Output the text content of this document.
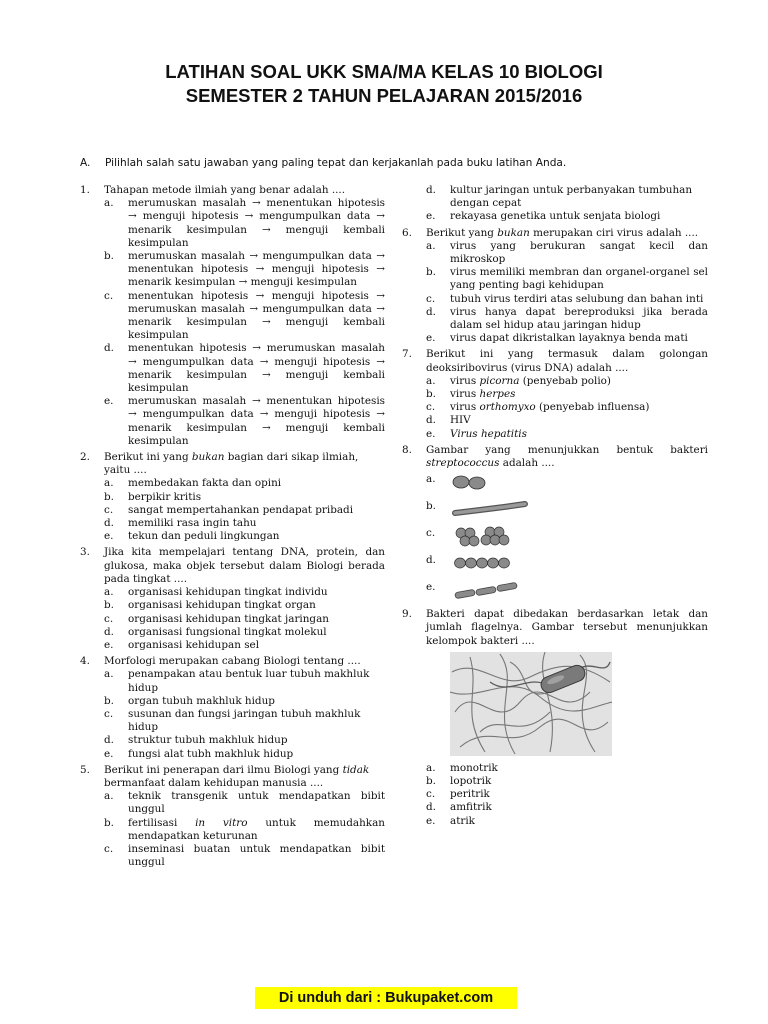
LATIHAN SOAL UKK SMA/MA KELAS 10 BIOLOGI
SEMESTER 2 TAHUN PELAJARAN 2015/2016
A. Pilihlah salah satu jawaban yang paling tepat dan kerjakanlah pada buku latihan Anda.
1. Tahapan metode ilmiah yang benar adalah ....
a. merumuskan masalah → menentukan hipotesis → menguji hipotesis → mengumpulkan data → menarik kesimpulan → menguji kembali kesimpulan
b. merumuskan masalah → mengumpulkan data → menentukan hipotesis → menguji hipotesis → menarik kesimpulan → menguji kesimpulan
c. menentukan hipotesis → menguji hipotesis → merumuskan masalah → mengumpulkan data → menarik kesimpulan → menguji kembali kesimpulan
d. menentukan hipotesis → merumuskan masalah → mengumpulkan data → menguji hipotesis → menarik kesimpulan → menguji kembali kesimpulan
e. merumuskan masalah → menentukan hipotesis → mengumpulkan data → menguji hipotesis → menarik kesimpulan → menguji kembali kesimpulan
2. Berikut ini yang bukan bagian dari sikap ilmiah, yaitu ....
a. membedakan fakta dan opini
b. berpikir kritis
c. sangat mempertahankan pendapat pribadi
d. memiliki rasa ingin tahu
e. tekun dan peduli lingkungan
3. Jika kita mempelajari tentang DNA, protein, dan glukosa, maka objek tersebut dalam Biologi berada pada tingkat ....
a. organisasi kehidupan tingkat individu
b. organisasi kehidupan tingkat organ
c. organisasi kehidupan tingkat jaringan
d. organisasi fungsional tingkat molekul
e. organisasi kehidupan sel
4. Morfologi merupakan cabang Biologi tentang ....
a. penampakan atau bentuk luar tubuh makhluk hidup
b. organ tubuh makhluk hidup
c. susunan dan fungsi jaringan tubuh makhluk hidup
d. struktur tubuh makhluk hidup
e. fungsi alat tubh makhluk hidup
5. Berikut ini penerapan dari ilmu Biologi yang tidak bermanfaat dalam kehidupan manusia ....
a. teknik transgenik untuk mendapatkan bibit unggul
b. fertilisasi in vitro untuk memudahkan mendapatkan keturunan
c. inseminasi buatan untuk mendapatkan bibit unggul
d. kultur jaringan untuk perbanyakan tumbuhan dengan cepat
e. rekayasa genetika untuk senjata biologi
6. Berikut yang bukan merupakan ciri virus adalah ....
a. virus yang berukuran sangat kecil dan mikroskop
b. virus memiliki membran dan organel-organel sel yang penting bagi kehidupan
c. tubuh virus terdiri atas selubung dan bahan inti
d. virus hanya dapat bereproduksi jika berada dalam sel hidup atau jaringan hidup
e. virus dapat dikristalkan layaknya benda mati
7. Berikut ini yang termasuk dalam golongan deoksiribovirus (virus DNA) adalah ....
a. virus picorna (penyebab polio)
b. virus herpes
c. virus orthomyxo (penyebab influensa)
d. HIV
e. Virus hepatitis
8. Gambar yang menunjukkan bentuk bakteri streptococcus adalah ....
a.
b.
c.
d.
e.
9. Bakteri dapat dibedakan berdasarkan letak dan jumlah flagelnya. Gambar tersebut menunjukkan kelompok bakteri ....
a. monotrik
b. lopotrik
c. peritrik
d. amfitrik
e. atrik
Di unduh dari : Bukupaket.com
